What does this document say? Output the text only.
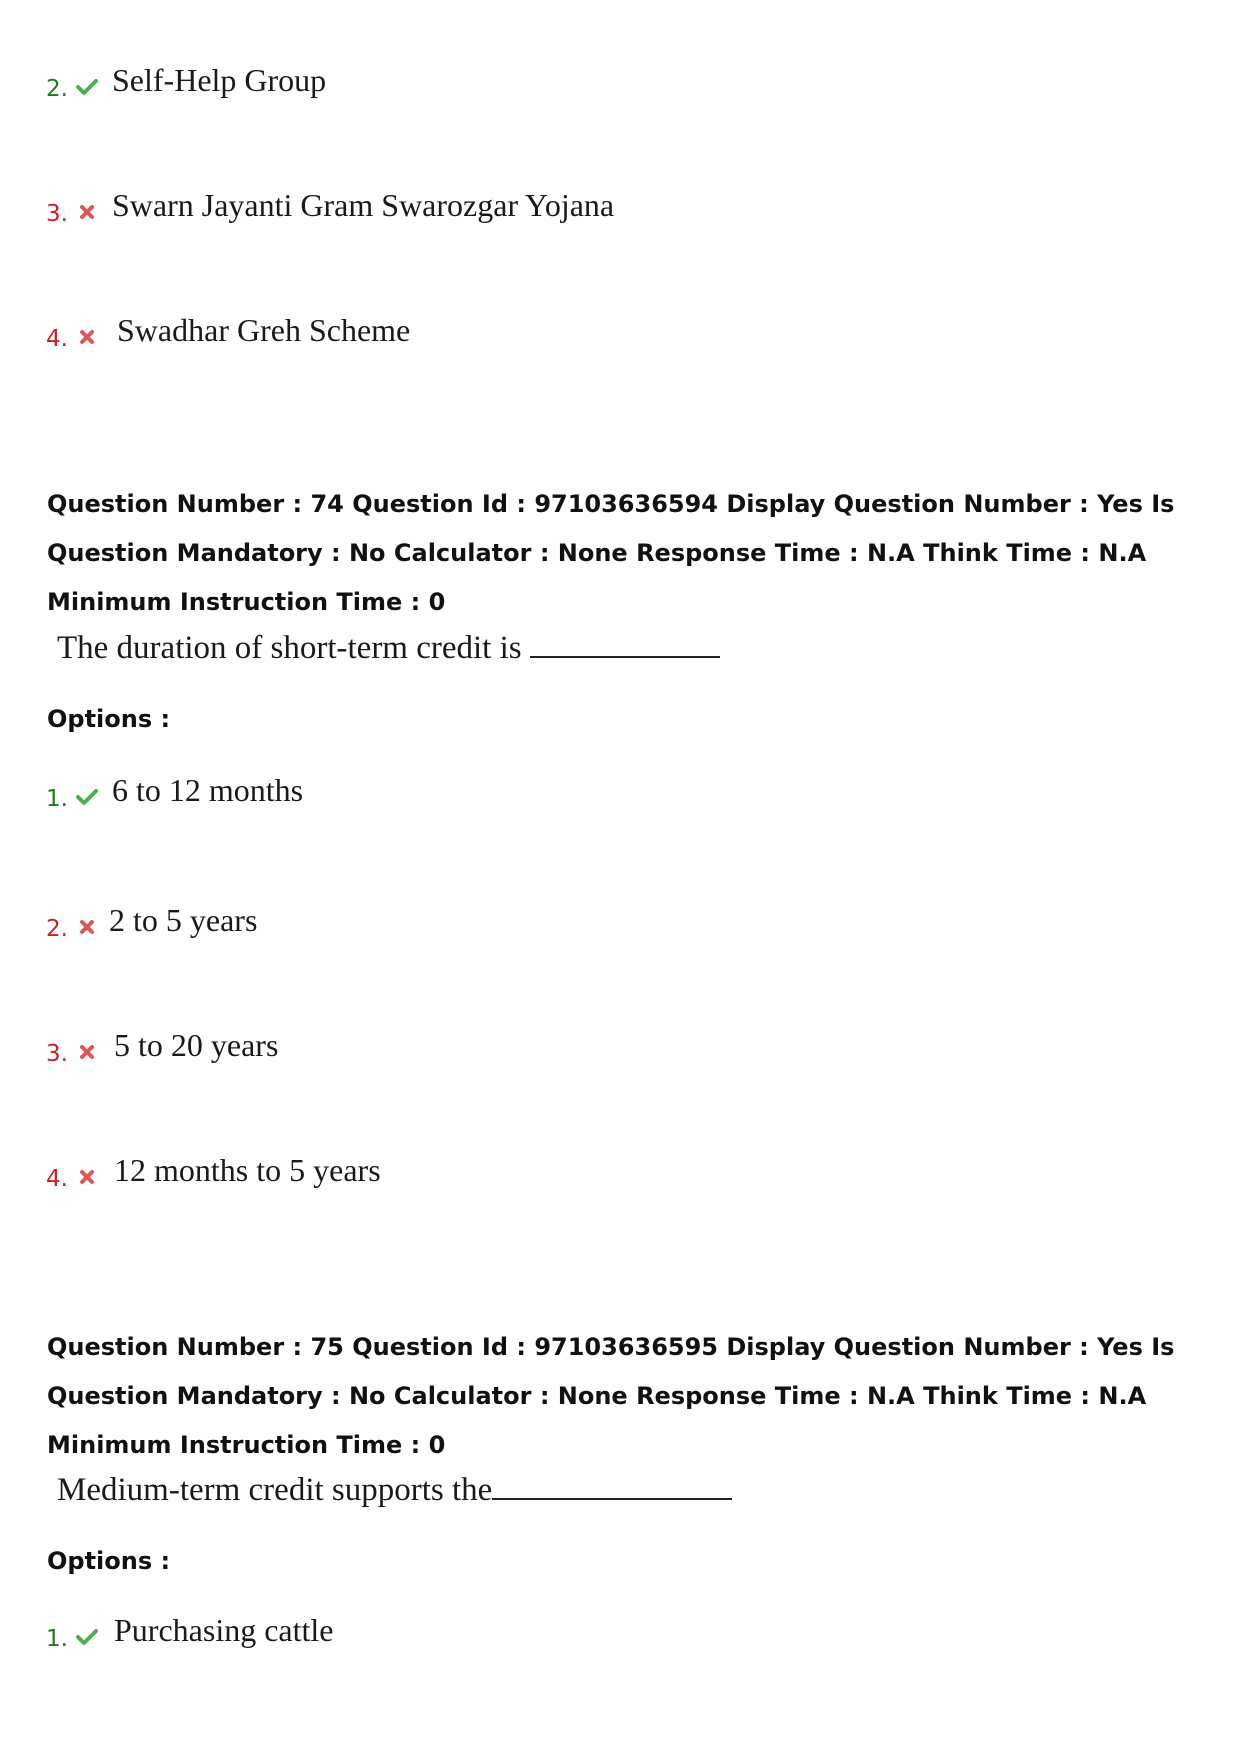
2. Self-Help Group
3. Swarn Jayanti Gram Swarozgar Yojana
4. Swadhar Greh Scheme
Question Number : 74 Question Id : 97103636594 Display Question Number : Yes Is Question Mandatory : No Calculator : None Response Time : N.A Think Time : N.A Minimum Instruction Time : 0
The duration of short-term credit is
Options :
1. 6 to 12 months
2. 2 to 5 years
3. 5 to 20 years
4. 12 months to 5 years
Question Number : 75 Question Id : 97103636595 Display Question Number : Yes Is Question Mandatory : No Calculator : None Response Time : N.A Think Time : N.A Minimum Instruction Time : 0
Medium-term credit supports the
Options :
1. Purchasing cattle
